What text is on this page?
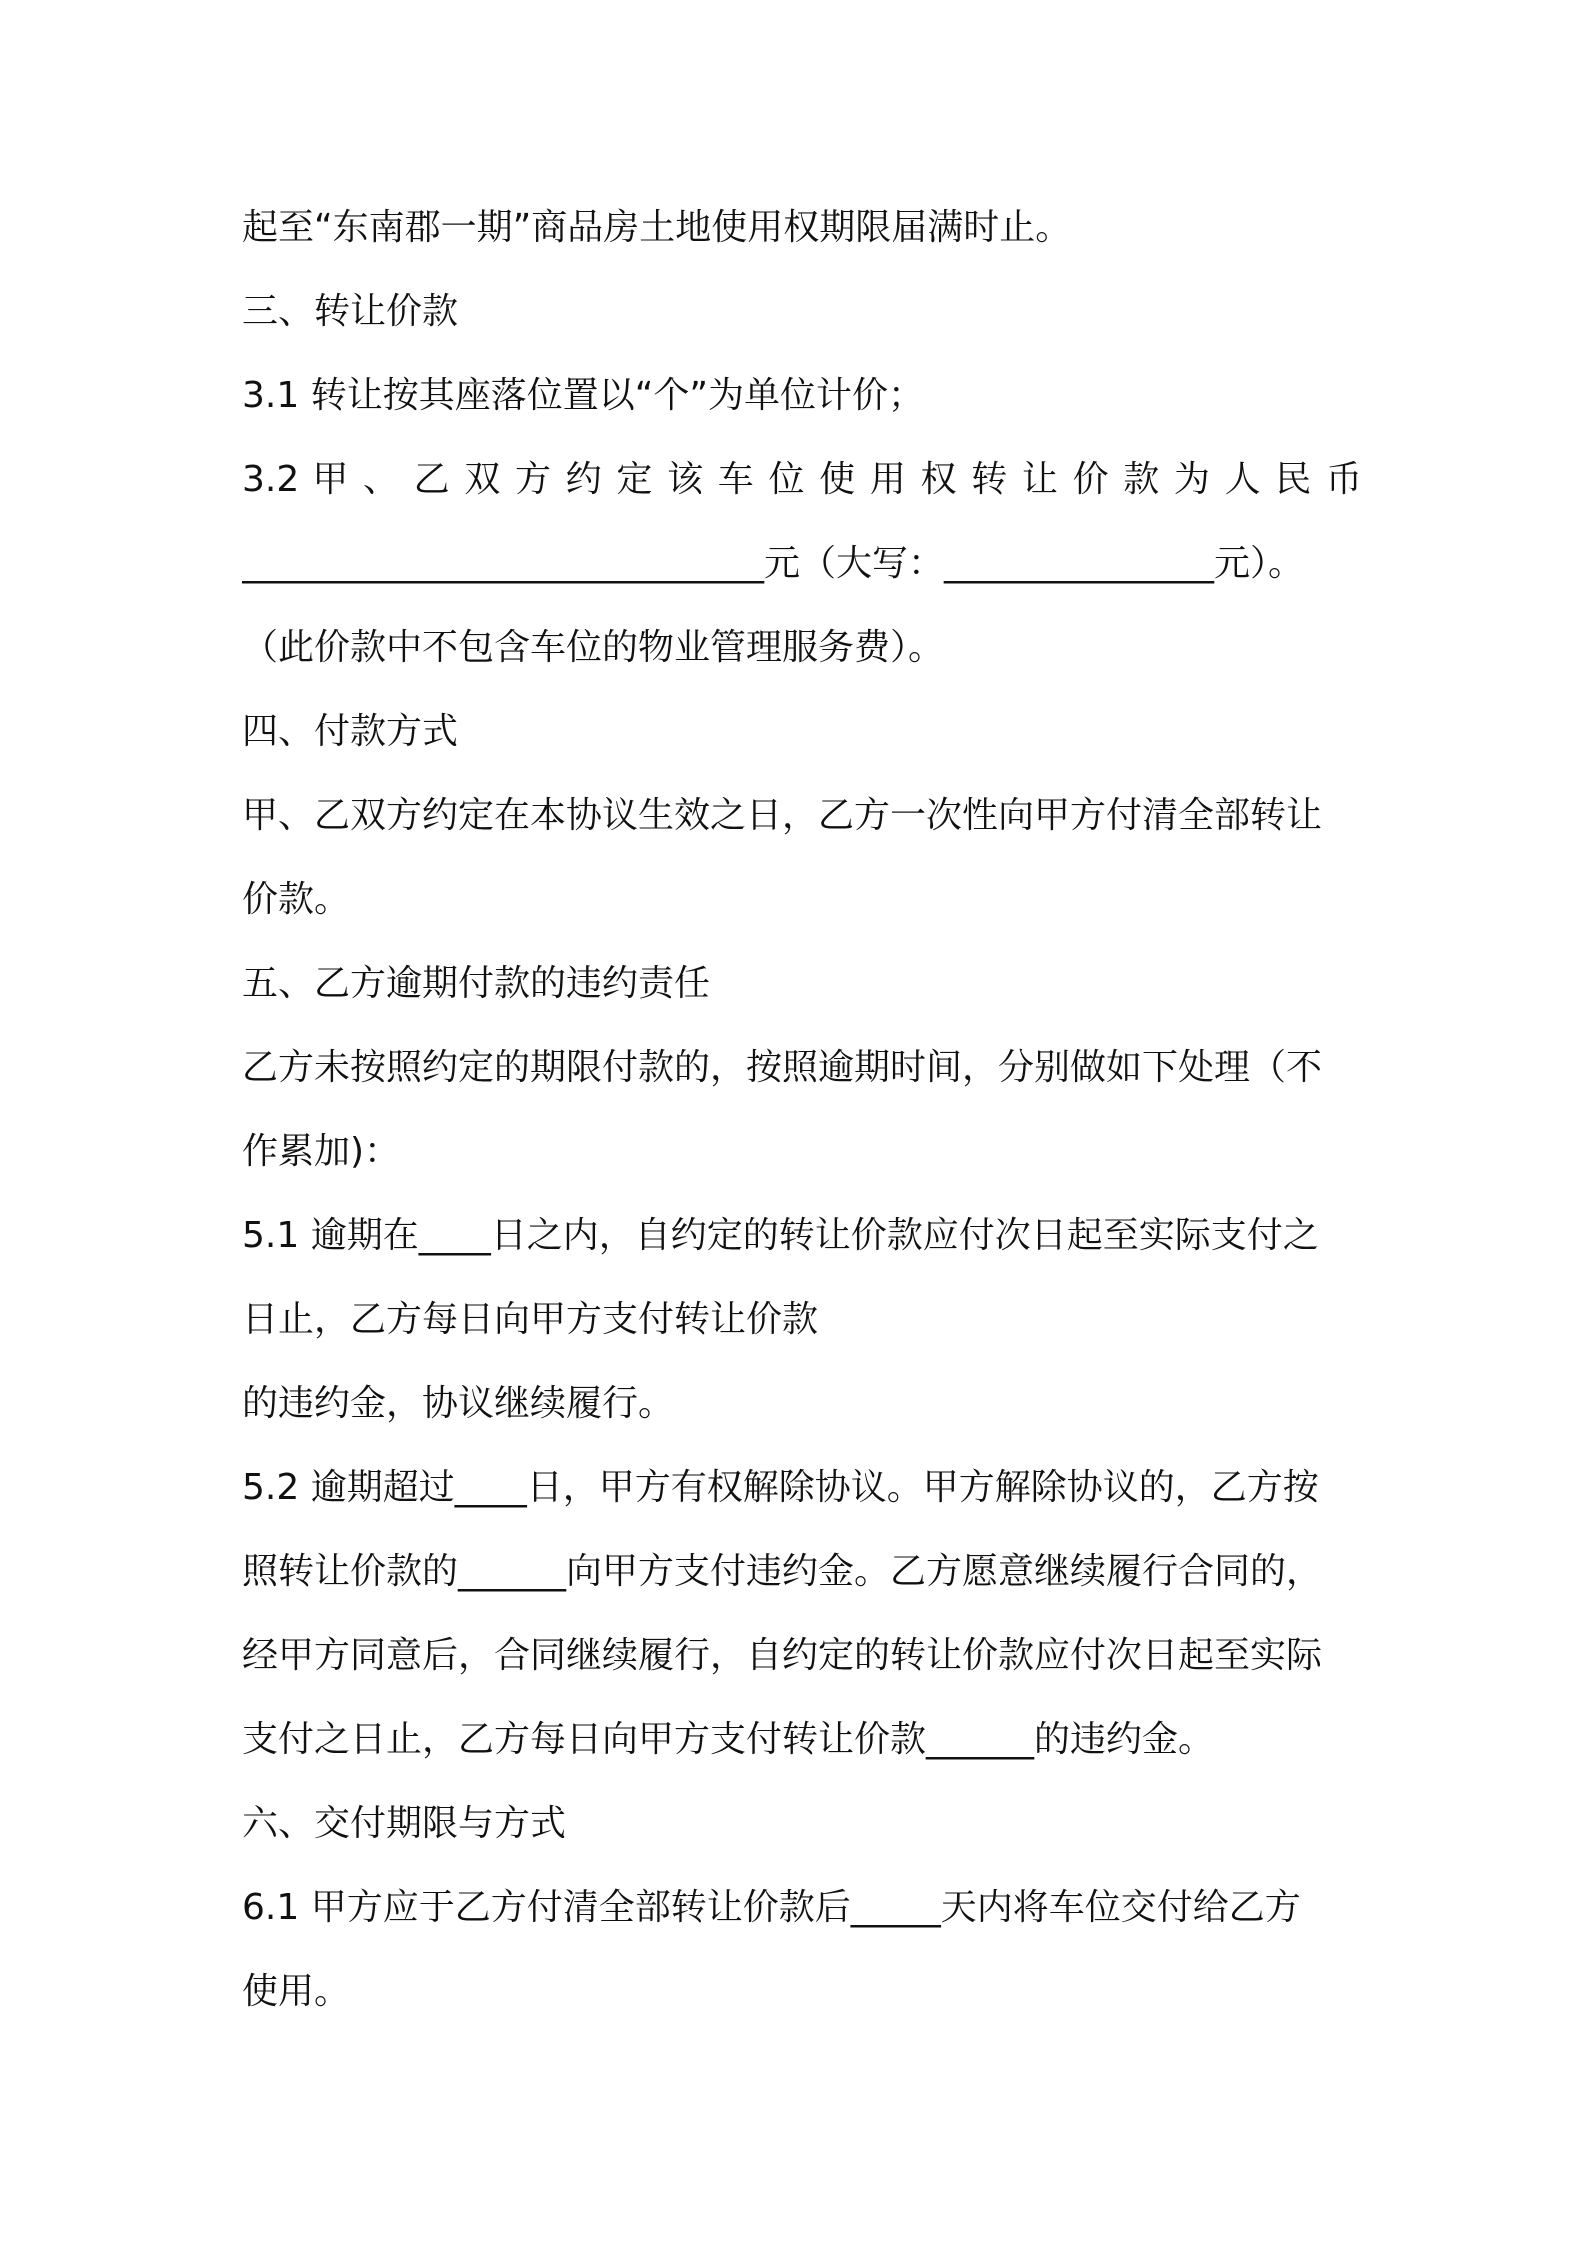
起至“东南郡一期”商品房土地使用权期限届满时止。
三、转让价款
3.1 转让按其座落位置以“个”为单位计价；
3.2 甲 、 乙 双 方 约 定 该 车 位 使 用 权 转 让 价 款 为 人 民 币
_____________________________元（大写：_______________元）。
（此价款中不包含车位的物业管理服务费）。
四、付款方式
甲、乙双方约定在本协议生效之日，乙方一次性向甲方付清全部转让
价款。
五、乙方逾期付款的违约责任
乙方未按照约定的期限付款的，按照逾期时间，分别做如下处理（不
作累加)：
5.1 逾期在____日之内，自约定的转让价款应付次日起至实际支付之
日止，乙方每日向甲方支付转让价款
的违约金，协议继续履行。
5.2 逾期超过____日，甲方有权解除协议。甲方解除协议的，乙方按
照转让价款的______向甲方支付违约金。乙方愿意继续履行合同的，
经甲方同意后，合同继续履行，自约定的转让价款应付次日起至实际
支付之日止，乙方每日向甲方支付转让价款______的违约金。
六、交付期限与方式
6.1 甲方应于乙方付清全部转让价款后_____天内将车位交付给乙方
使用。
